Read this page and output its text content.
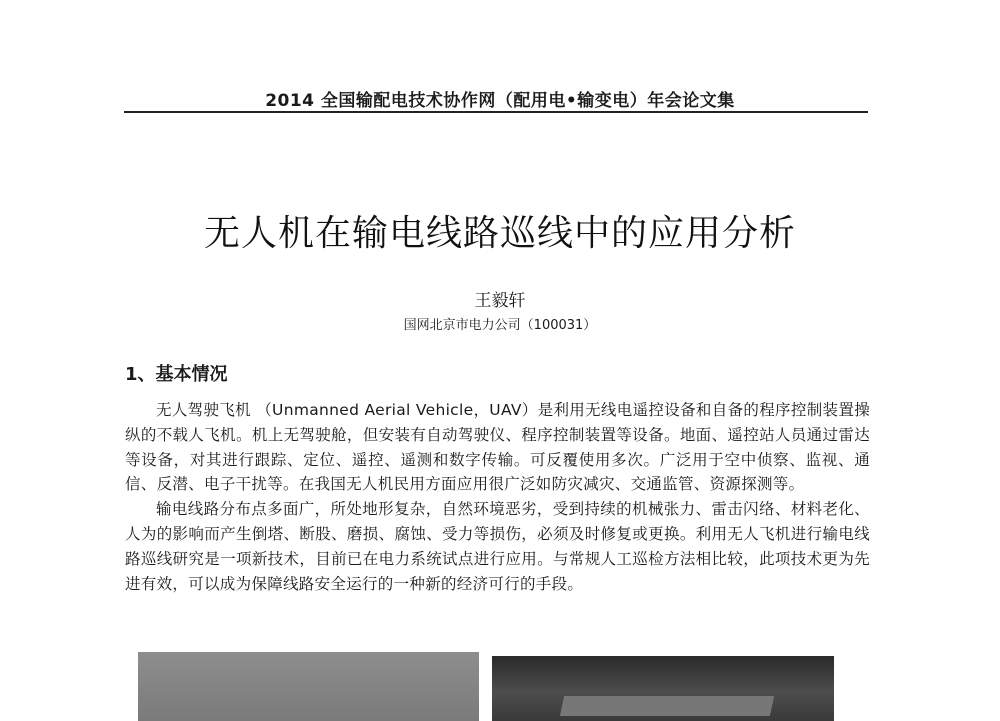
2014 全国输配电技术协作网（配用电•输变电）年会论文集
无人机在输电线路巡线中的应用分析
王毅轩
国网北京市电力公司（100031）
1、基本情况

无人驾驶飞机 （Unmanned Aerial Vehicle，UAV）是利用无线电遥控设备和自备的程序控制装置操纵的不载人飞机。机上无驾驶舱，但安装有自动驾驶仪、程序控制装置等设备。地面、遥控站人员通过雷达等设备，对其进行跟踪、定位、遥控、遥测和数字传输。可反覆使用多次。广泛用于空中侦察、监视、通信、反潜、电子干扰等。在我国无人机民用方面应用很广泛如防灾减灾、交通监管、资源探测等。

输电线路分布点多面广，所处地形复杂，自然环境恶劣，受到持续的机械张力、雷击闪络、材料老化、人为的影响而产生倒塔、断股、磨损、腐蚀、受力等损伤，必须及时修复或更换。利用无人飞机进行输电线路巡线研究是一项新技术，目前已在电力系统试点进行应用。与常规人工巡检方法相比较，此项技术更为先进有效，可以成为保障线路安全运行的一种新的经济可行的手段。
